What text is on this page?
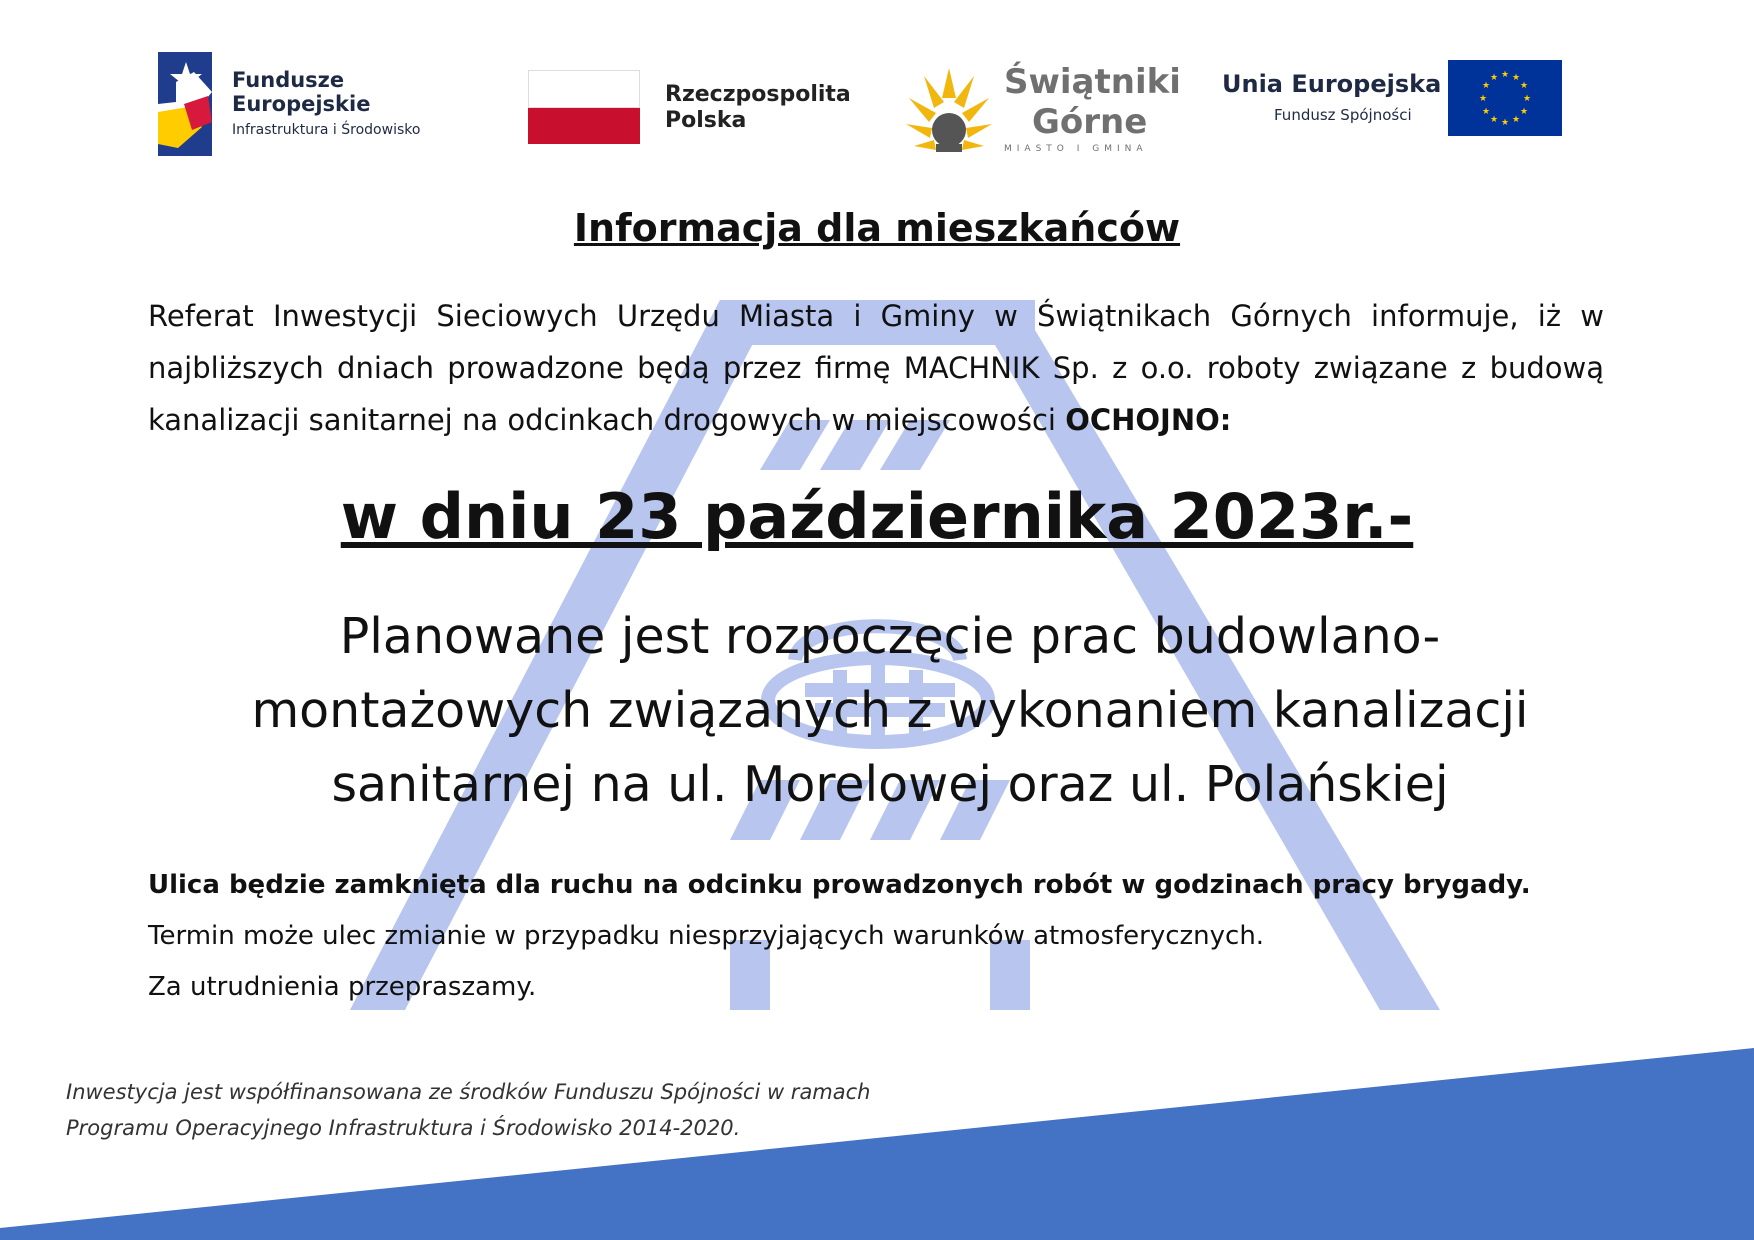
Fundusze
Europejskie
Infrastruktura i Środowisko
Rzeczpospolita
Polska
Świątniki
Górne
MIASTO I GMINA
Unia Europejska
Fundusz Spójności
★ ★
★
★
★
★
★
★
★
★
★
★
Informacja dla mieszkańców
Referat Inwestycji Sieciowych Urzędu Miasta i Gminy w Świątnikach Górnych informuje, iż w najbliższych dniach prowadzone będą przez firmę MACHNIK Sp. z o.o. roboty związane z budową kanalizacji sanitarnej na odcinkach drogowych w miejscowości OCHOJNO:
w dniu 23 października 2023r.-
Planowane jest rozpoczęcie prac budowlano-montażowych związanych z wykonaniem kanalizacji sanitarnej na ul. Morelowej oraz ul. Polańskiej
Ulica będzie zamknięta dla ruchu na odcinku prowadzonych robót w godzinach pracy brygady.
Termin może ulec zmianie w przypadku niesprzyjających warunków atmosferycznych.
Za utrudnienia przepraszamy.
Inwestycja jest współfinansowana ze środków Funduszu Spójności w ramach
Programu Operacyjnego Infrastruktura i Środowisko 2014-2020.
